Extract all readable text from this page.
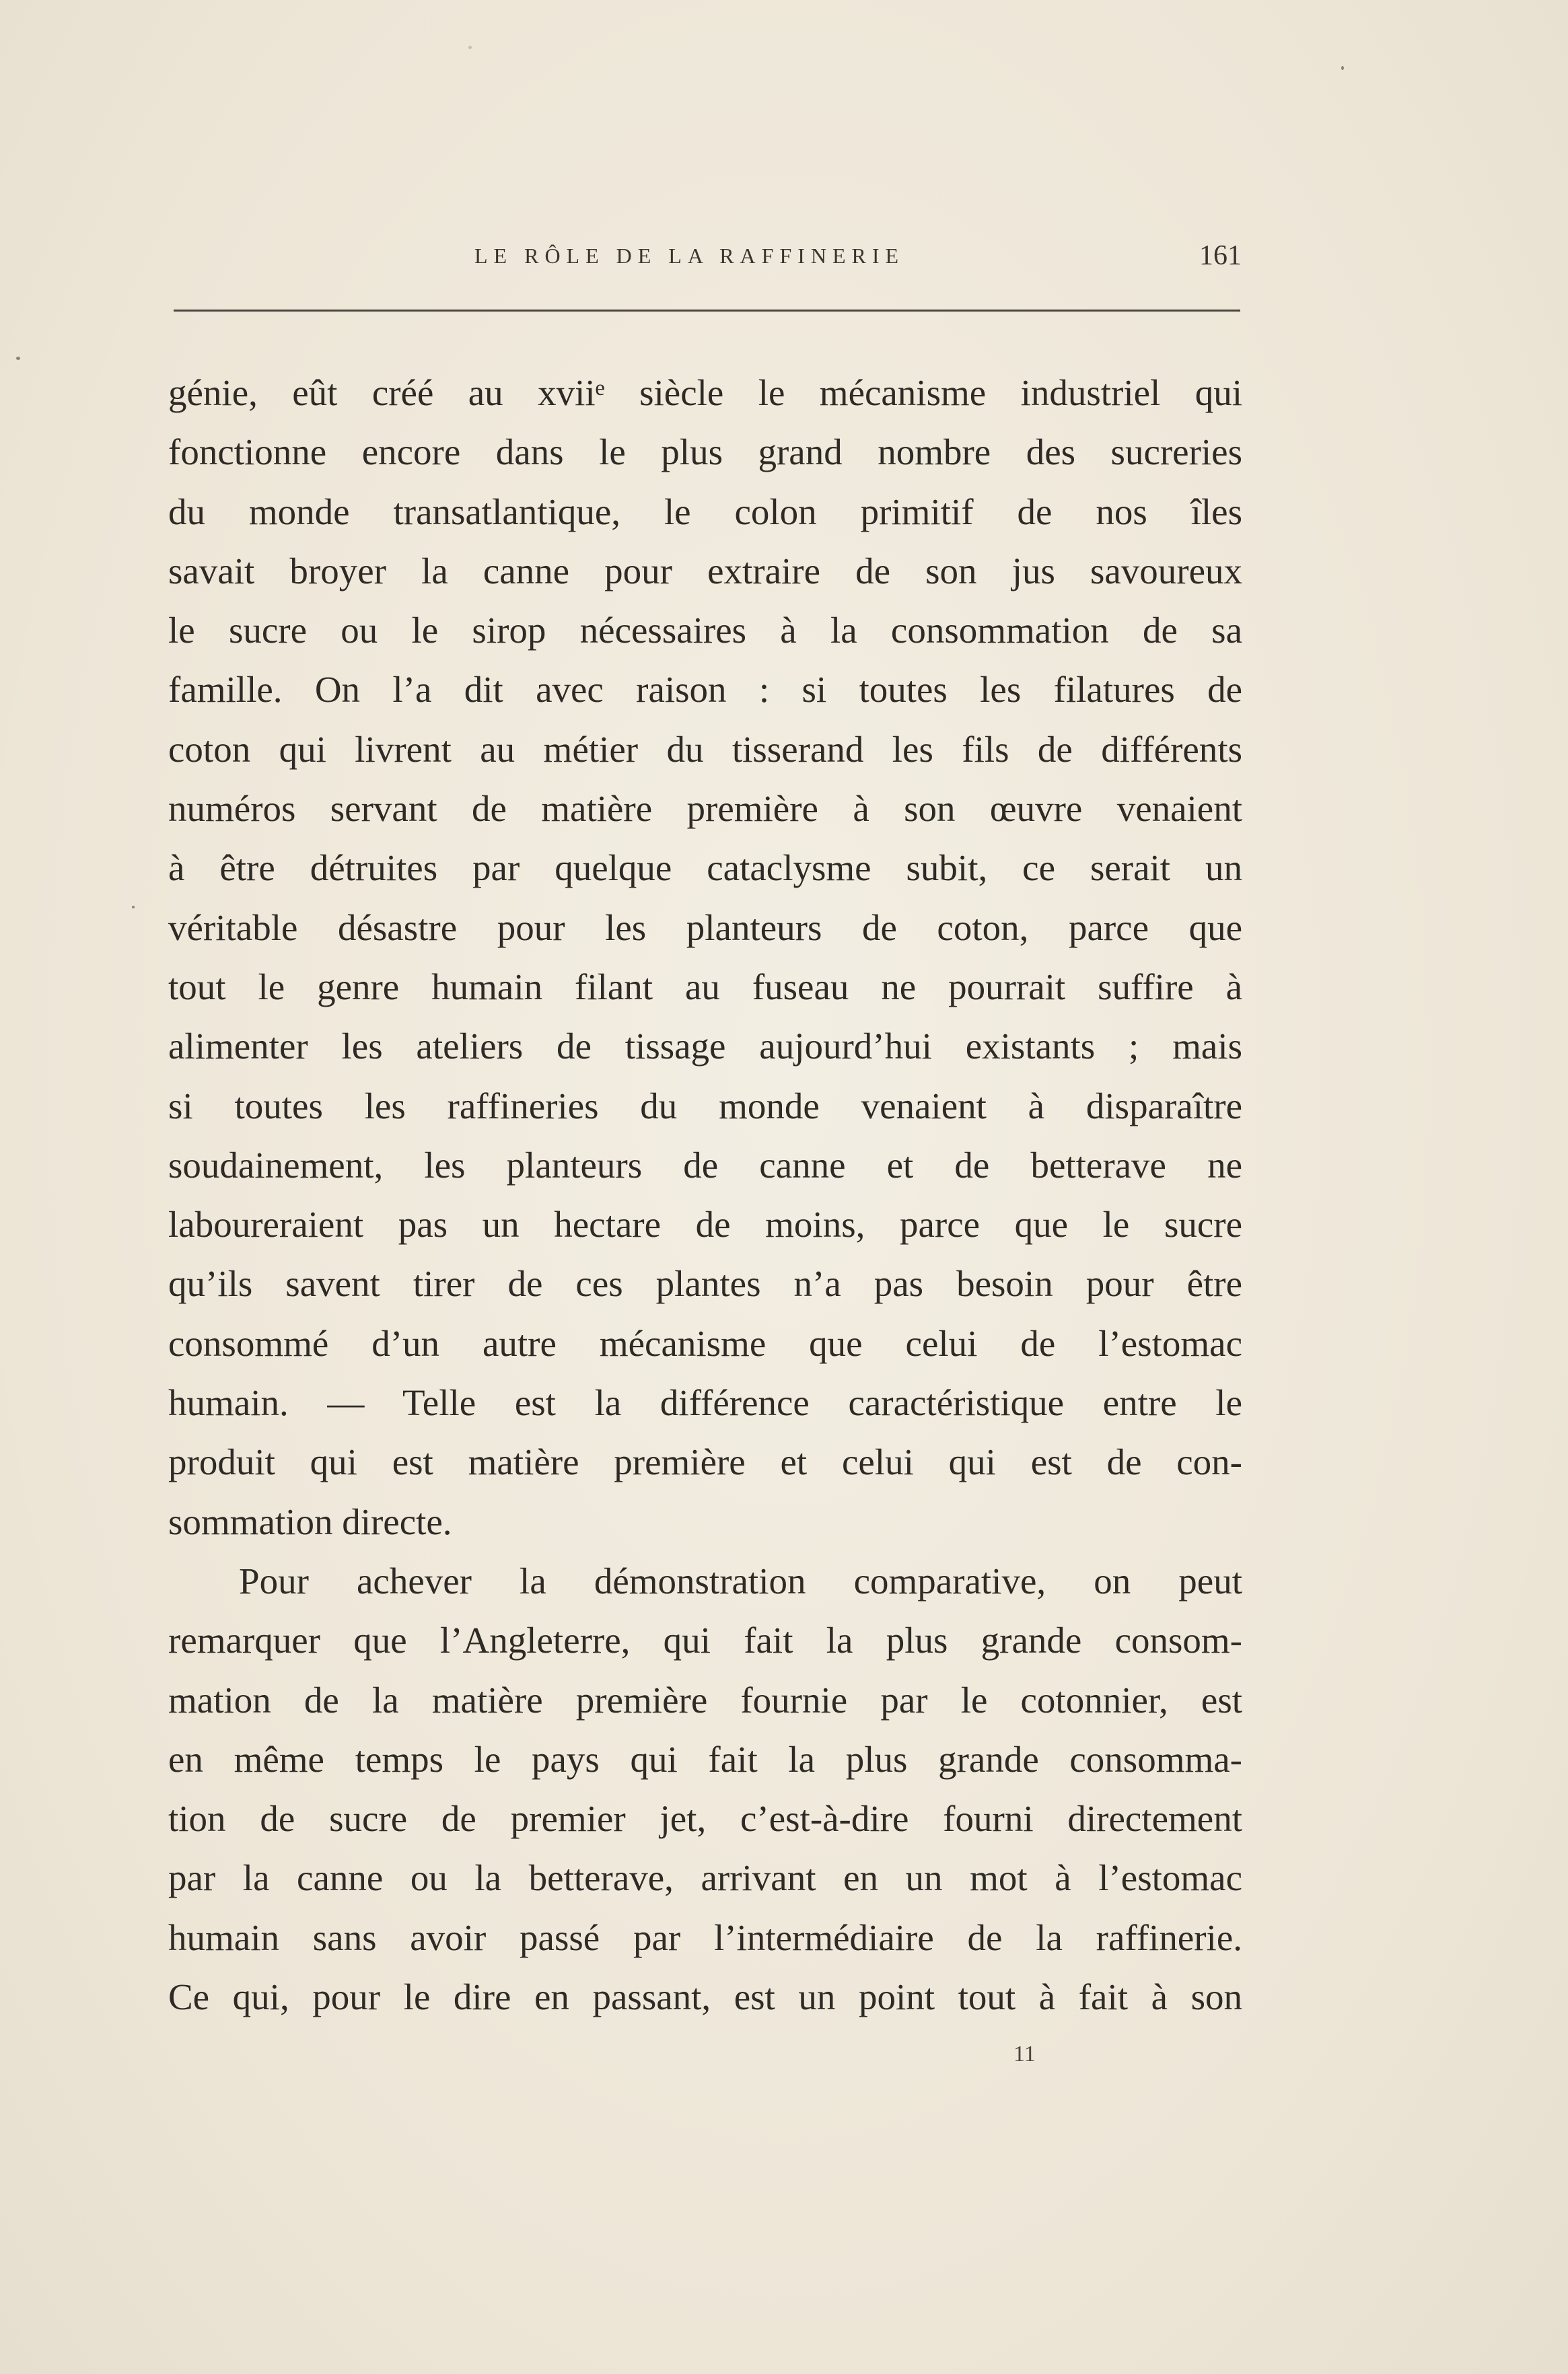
LE RÔLE DE LA RAFFINERIE	161
génie, eût créé au xviiᵉ siècle le mécanisme industriel qui
fonctionne encore dans le plus grand nombre des sucreries
du monde transatlantique, le colon primitif de nos îles
savait broyer la canne pour extraire de son jus savoureux
le sucre ou le sirop nécessaires à la consommation de sa
famille. On l’a dit avec raison : si toutes les filatures de
coton qui livrent au métier du tisserand les fils de différents
numéros servant de matière première à son œuvre venaient
à être détruites par quelque cataclysme subit, ce serait un
véritable désastre pour les planteurs de coton, parce que
tout le genre humain filant au fuseau ne pourrait suffire à
alimenter les ateliers de tissage aujourd’hui existants ; mais
si toutes les raffineries du monde venaient à disparaître
soudainement, les planteurs de canne et de betterave ne
laboureraient pas un hectare de moins, parce que le sucre
qu’ils savent tirer de ces plantes n’a pas besoin pour être
consommé d’un autre mécanisme que celui de l’estomac
humain. — Telle est la différence caractéristique entre le
produit qui est matière première et celui qui est de con-
sommation directe.
Pour achever la démonstration comparative, on peut
remarquer que l’Angleterre, qui fait la plus grande consom-
mation de la matière première fournie par le cotonnier, est
en même temps le pays qui fait la plus grande consomma-
tion de sucre de premier jet, c’est-à-dire fourni directement
par la canne ou la betterave, arrivant en un mot à l’estomac
humain sans avoir passé par l’intermédiaire de la raffinerie.
Ce qui, pour le dire en passant, est un point tout à fait à son
11
